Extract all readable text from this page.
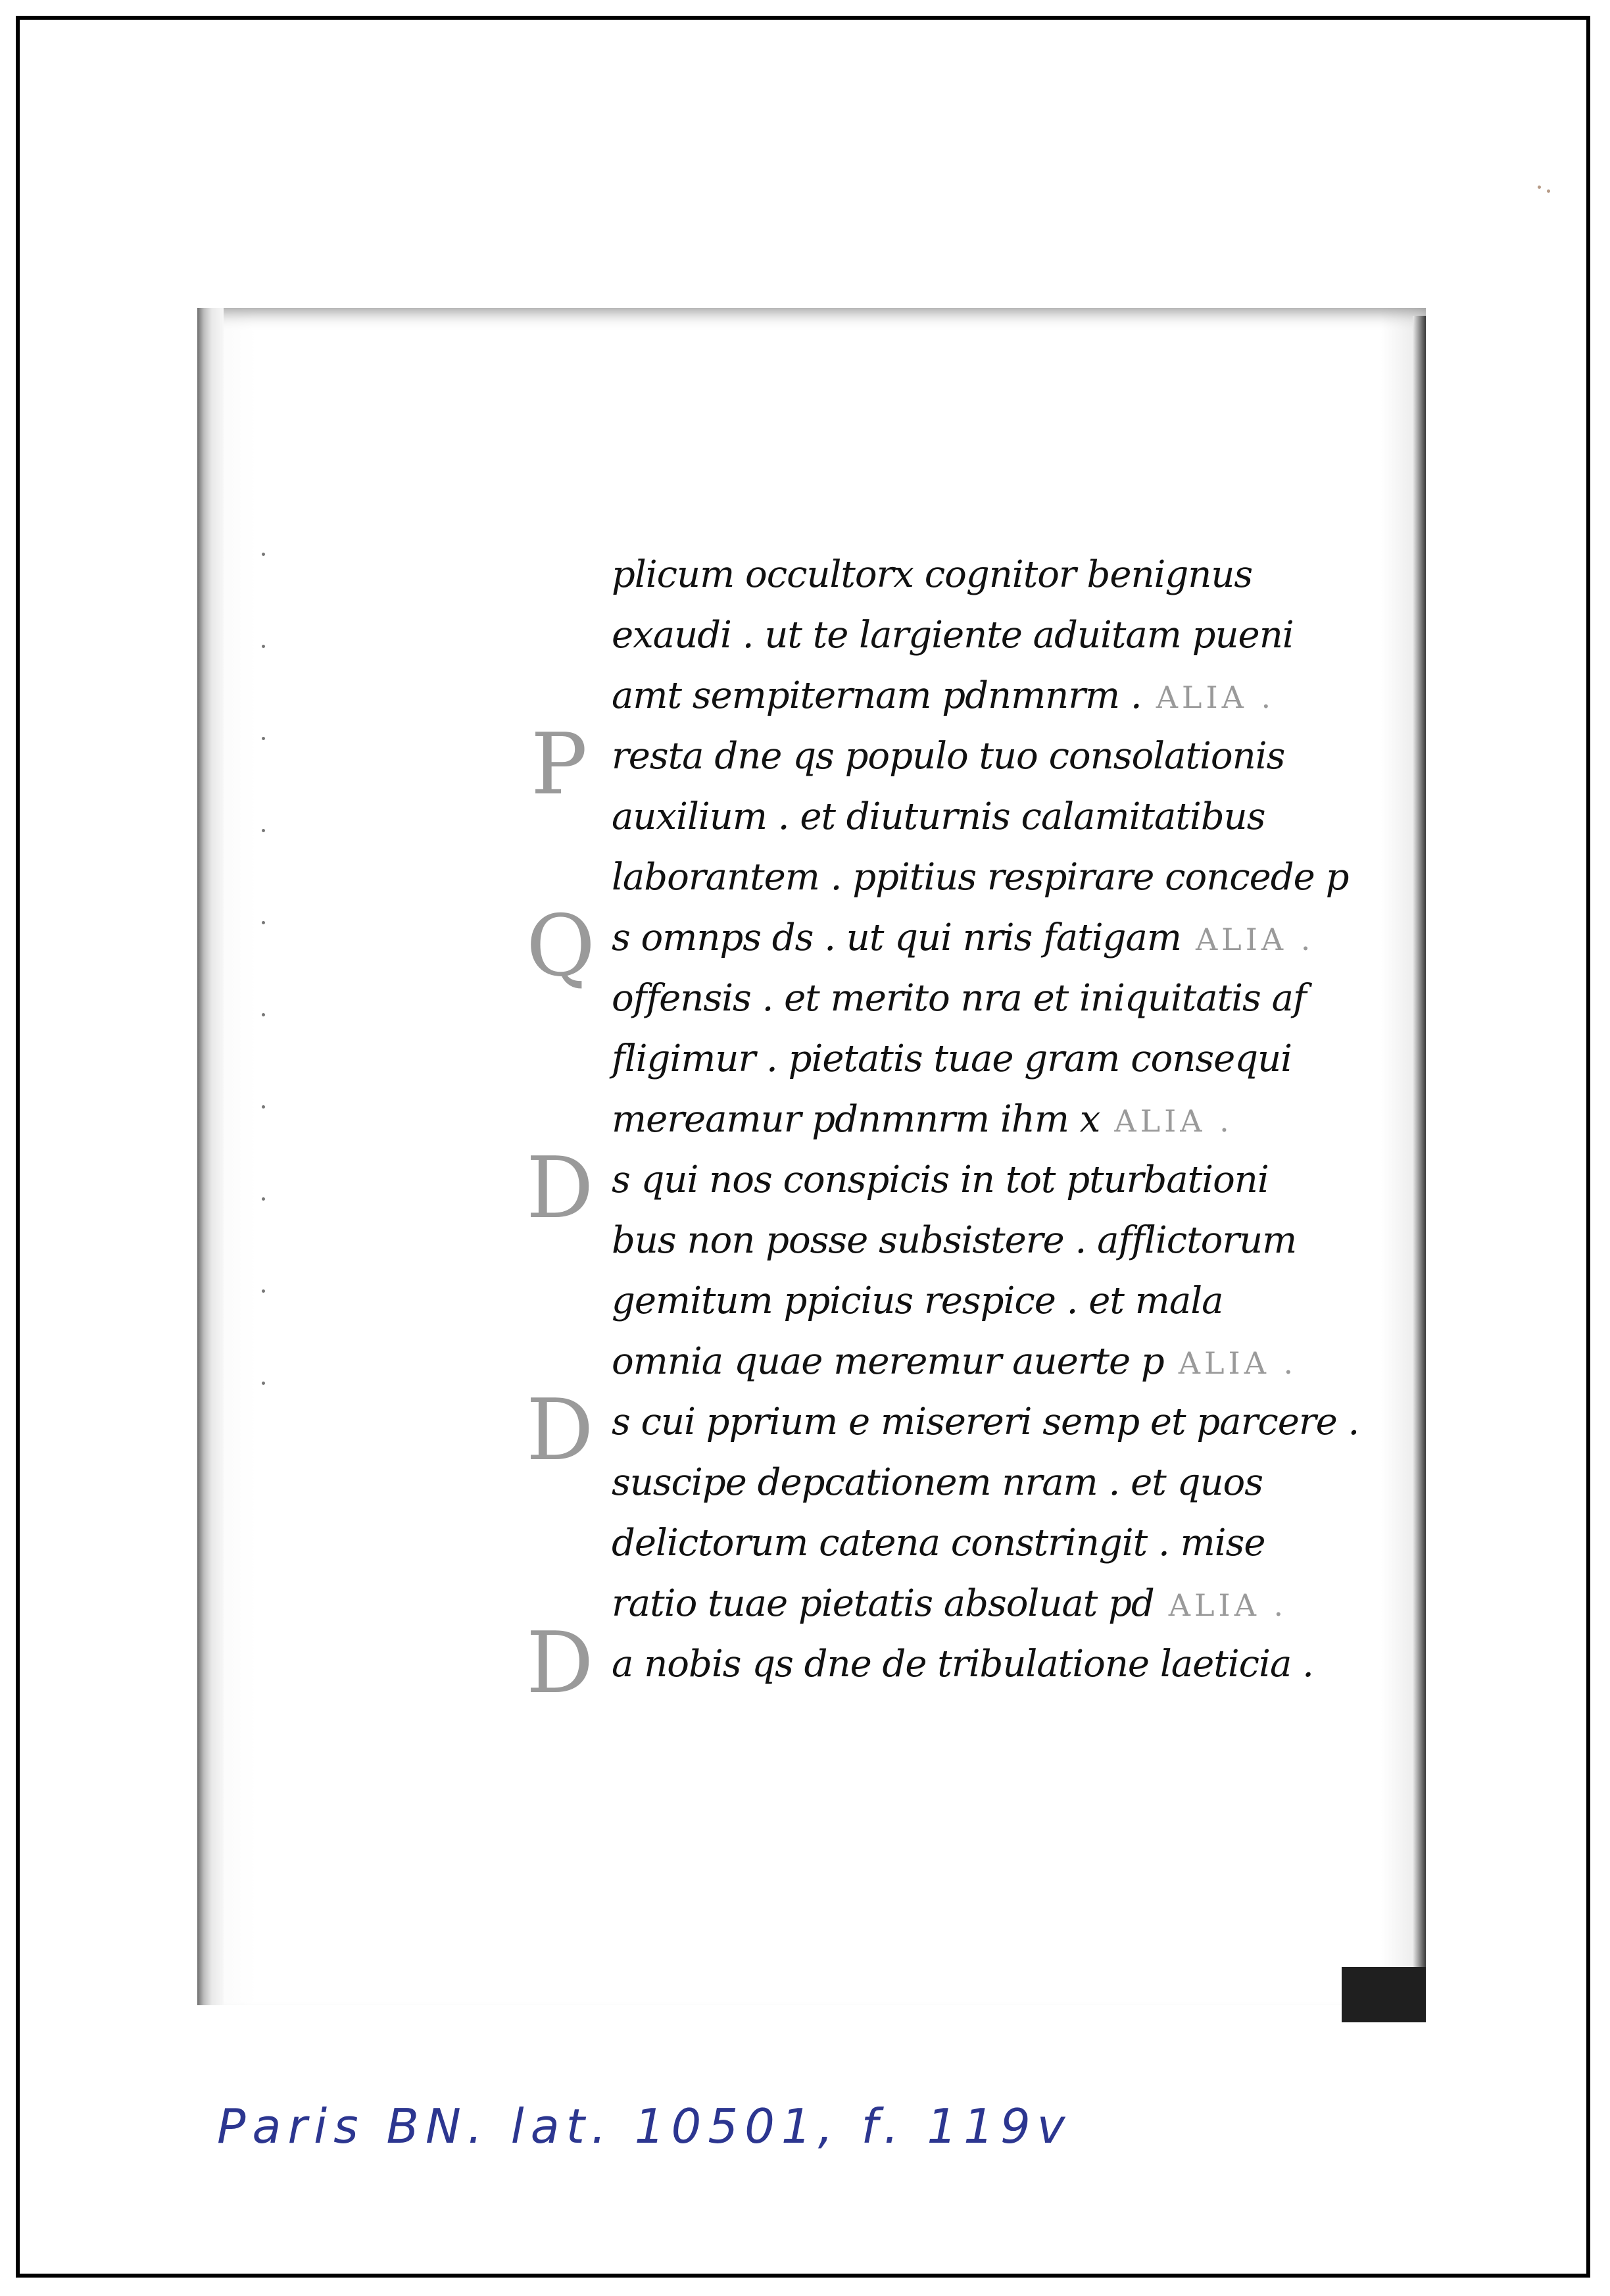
plicum occultorx cognitor benignus
exaudi . ut te largiente aduitam pueni
amt sempiternam pdnmnrm . ALIA .
P resta dne qs populo tuo consolationis
auxilium . et diuturnis calamitatibus
laborantem . ppitius respirare concede p
Q s omnps ds . ut qui nris fatigam ALIA .
offensis . et merito nra et iniquitatis af
fligimur . pietatis tuae gram consequi
mereamur pdnmnrm ihm x ALIA .
D s qui nos conspicis in tot pturbationi
bus non posse subsistere . afflictorum
gemitum ppicius respice . et mala
omnia quae meremur auerte p ALIA .
D s cui pprium e misereri semp et parcere .
suscipe depcationem nram . et quos
delictorum catena constringit . mise
ratio tuae pietatis absoluat pd ALIA .
D a nobis qs dne de tribulatione laeticia .
Paris BN. lat. 10501, f. 119v
